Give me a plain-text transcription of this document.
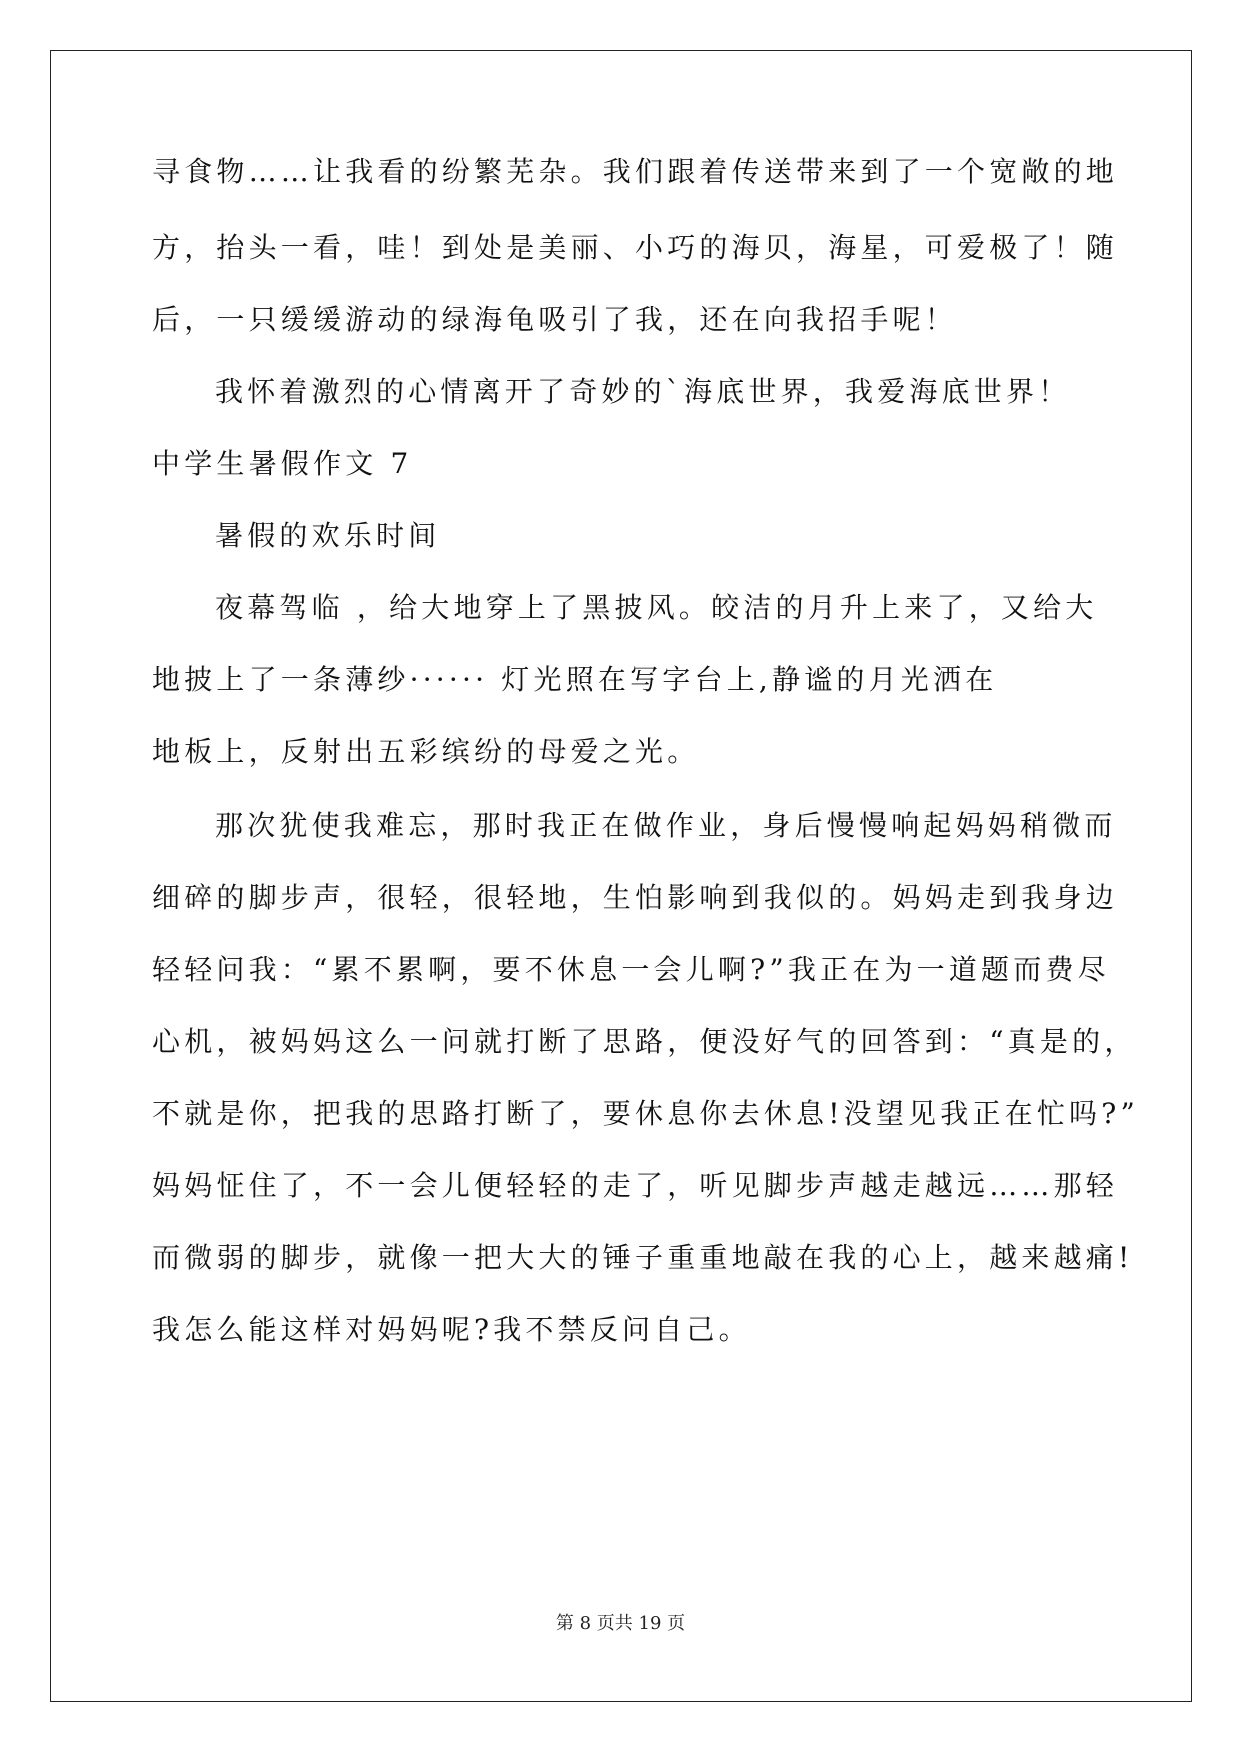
寻食物……让我看的纷繁芜杂。我们跟着传送带来到了一个宽敞的地
方，抬头一看，哇！到处是美丽、小巧的海贝，海星，可爱极了！随
后，一只缓缓游动的绿海龟吸引了我，还在向我招手呢！
我怀着激烈的心情离开了奇妙的`海底世界，我爱海底世界！
中学生暑假作文 7
暑假的欢乐时间
夜幕驾临 ，给大地穿上了黑披风。皎洁的月升上来了，又给大
地披上了一条薄纱······ 灯光照在写字台上,静谧的月光洒在
地板上，反射出五彩缤纷的母爱之光。
那次犹使我难忘，那时我正在做作业，身后慢慢响起妈妈稍微而
细碎的脚步声，很轻，很轻地，生怕影响到我似的。妈妈走到我身边
轻轻问我：“累不累啊，要不休息一会儿啊?”我正在为一道题而费尽
心机，被妈妈这么一问就打断了思路，便没好气的回答到：“真是的，
不就是你，把我的思路打断了，要休息你去休息!没望见我正在忙吗?”
妈妈怔住了，不一会儿便轻轻的走了，听见脚步声越走越远……那轻
而微弱的脚步，就像一把大大的锤子重重地敲在我的心上，越来越痛!
我怎么能这样对妈妈呢?我不禁反问自己。
第 8 页共 19 页
